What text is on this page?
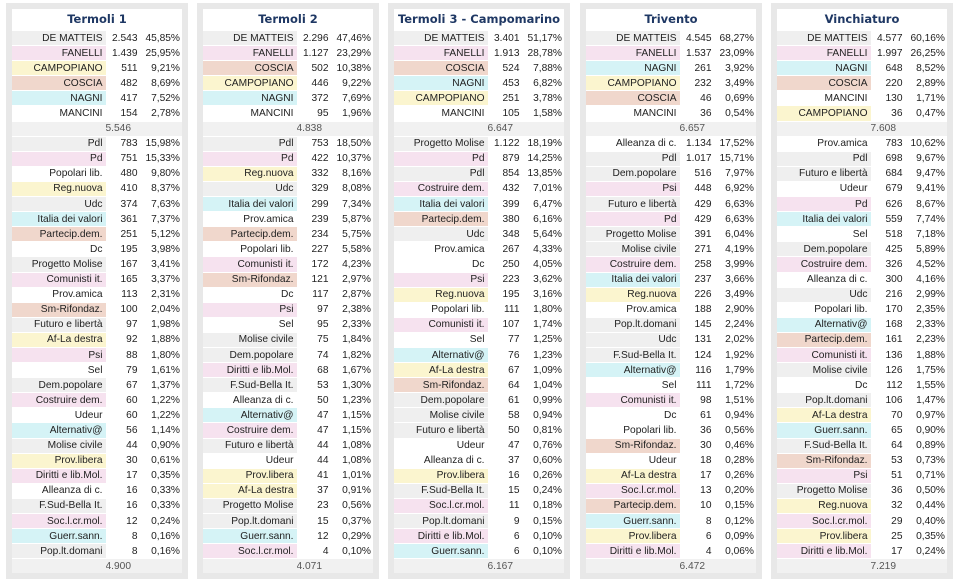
Termoli 1
DE MATTEIS	2.543	45,85%
FANELLI	1.439	25,95%
CAMPOPIANO	511	9,21%
COSCIA	482	8,69%
NAGNI	417	7,52%
MANCINI	154	2,78%
	5.546	
Pdl	783	15,98%
Pd	751	15,33%
Popolari lib.	480	9,80%
Reg.nuova	410	8,37%
Udc	374	7,63%
Italia dei valori	361	7,37%
Partecip.dem.	251	5,12%
Dc	195	3,98%
Progetto Molise	167	3,41%
Comunisti it.	165	3,37%
Prov.amica	113	2,31%
Sm-Rifondaz.	100	2,04%
Futuro e libertà	97	1,98%
Af-La destra	92	1,88%
Psi	88	1,80%
Sel	79	1,61%
Dem.popolare	67	1,37%
Costruire dem.	60	1,22%
Udeur	60	1,22%
Alternativ@	56	1,14%
Molise civile	44	0,90%
Prov.libera	30	0,61%
Diritti e lib.Mol.	17	0,35%
Alleanza di c.	16	0,33%
F.Sud-Bella It.	16	0,33%
Soc.l.cr.mol.	12	0,24%
Guerr.sann.	8	0,16%
Pop.lt.domani	8	0,16%
	4.900	
Termoli 2
DE MATTEIS	2.296	47,46%
FANELLI	1.127	23,29%
COSCIA	502	10,38%
CAMPOPIANO	446	9,22%
NAGNI	372	7,69%
MANCINI	95	1,96%
	4.838	
Pdl	753	18,50%
Pd	422	10,37%
Reg.nuova	332	8,16%
Udc	329	8,08%
Italia dei valori	299	7,34%
Prov.amica	239	5,87%
Partecip.dem.	234	5,75%
Popolari lib.	227	5,58%
Comunisti it.	172	4,23%
Sm-Rifondaz.	121	2,97%
Dc	117	2,87%
Psi	97	2,38%
Sel	95	2,33%
Molise civile	75	1,84%
Dem.popolare	74	1,82%
Diritti e lib.Mol.	68	1,67%
F.Sud-Bella It.	53	1,30%
Alleanza di c.	50	1,23%
Alternativ@	47	1,15%
Costruire dem.	47	1,15%
Futuro e libertà	44	1,08%
Udeur	44	1,08%
Prov.libera	41	1,01%
Af-La destra	37	0,91%
Progetto Molise	23	0,56%
Pop.lt.domani	15	0,37%
Guerr.sann.	12	0,29%
Soc.l.cr.mol.	4	0,10%
	4.071	
Termoli 3 - Campomarino
DE MATTEIS	3.401	51,17%
FANELLI	1.913	28,78%
COSCIA	524	7,88%
NAGNI	453	6,82%
CAMPOPIANO	251	3,78%
MANCINI	105	1,58%
	6.647	
Progetto Molise	1.122	18,19%
Pd	879	14,25%
Pdl	854	13,85%
Costruire dem.	432	7,01%
Italia dei valori	399	6,47%
Partecip.dem.	380	6,16%
Udc	348	5,64%
Prov.amica	267	4,33%
Dc	250	4,05%
Psi	223	3,62%
Reg.nuova	195	3,16%
Popolari lib.	111	1,80%
Comunisti it.	107	1,74%
Sel	77	1,25%
Alternativ@	76	1,23%
Af-La destra	67	1,09%
Sm-Rifondaz.	64	1,04%
Dem.popolare	61	0,99%
Molise civile	58	0,94%
Futuro e libertà	50	0,81%
Udeur	47	0,76%
Alleanza di c.	37	0,60%
Prov.libera	16	0,26%
F.Sud-Bella It.	15	0,24%
Soc.l.cr.mol.	11	0,18%
Pop.lt.domani	9	0,15%
Diritti e lib.Mol.	6	0,10%
Guerr.sann.	6	0,10%
	6.167	
Trivento
DE MATTEIS	4.545	68,27%
FANELLI	1.537	23,09%
NAGNI	261	3,92%
CAMPOPIANO	232	3,49%
COSCIA	46	0,69%
MANCINI	36	0,54%
	6.657	
Alleanza di c.	1.134	17,52%
Pdl	1.017	15,71%
Dem.popolare	516	7,97%
Psi	448	6,92%
Futuro e libertà	429	6,63%
Pd	429	6,63%
Progetto Molise	391	6,04%
Molise civile	271	4,19%
Costruire dem.	258	3,99%
Italia dei valori	237	3,66%
Reg.nuova	226	3,49%
Prov.amica	188	2,90%
Pop.lt.domani	145	2,24%
Udc	131	2,02%
F.Sud-Bella It.	124	1,92%
Alternativ@	116	1,79%
Sel	111	1,72%
Comunisti it.	98	1,51%
Dc	61	0,94%
Popolari lib.	36	0,56%
Sm-Rifondaz.	30	0,46%
Udeur	18	0,28%
Af-La destra	17	0,26%
Soc.l.cr.mol.	13	0,20%
Partecip.dem.	10	0,15%
Guerr.sann.	8	0,12%
Prov.libera	6	0,09%
Diritti e lib.Mol.	4	0,06%
	6.472	
Vinchiaturo
DE MATTEIS	4.577	60,16%
FANELLI	1.997	26,25%
NAGNI	648	8,52%
COSCIA	220	2,89%
MANCINI	130	1,71%
CAMPOPIANO	36	0,47%
	7.608	
Prov.amica	783	10,62%
Pdl	698	9,67%
Futuro e libertà	684	9,47%
Udeur	679	9,41%
Pd	626	8,67%
Italia dei valori	559	7,74%
Sel	518	7,18%
Dem.popolare	425	5,89%
Costruire dem.	326	4,52%
Alleanza di c.	300	4,16%
Udc	216	2,99%
Popolari lib.	170	2,35%
Alternativ@	168	2,33%
Partecip.dem.	161	2,23%
Comunisti it.	136	1,88%
Molise civile	126	1,75%
Dc	112	1,55%
Pop.lt.domani	106	1,47%
Af-La destra	70	0,97%
Guerr.sann.	65	0,90%
F.Sud-Bella It.	64	0,89%
Sm-Rifondaz.	53	0,73%
Psi	51	0,71%
Progetto Molise	36	0,50%
Reg.nuova	32	0,44%
Soc.l.cr.mol.	29	0,40%
Prov.libera	25	0,35%
Diritti e lib.Mol.	17	0,24%
	7.219	
